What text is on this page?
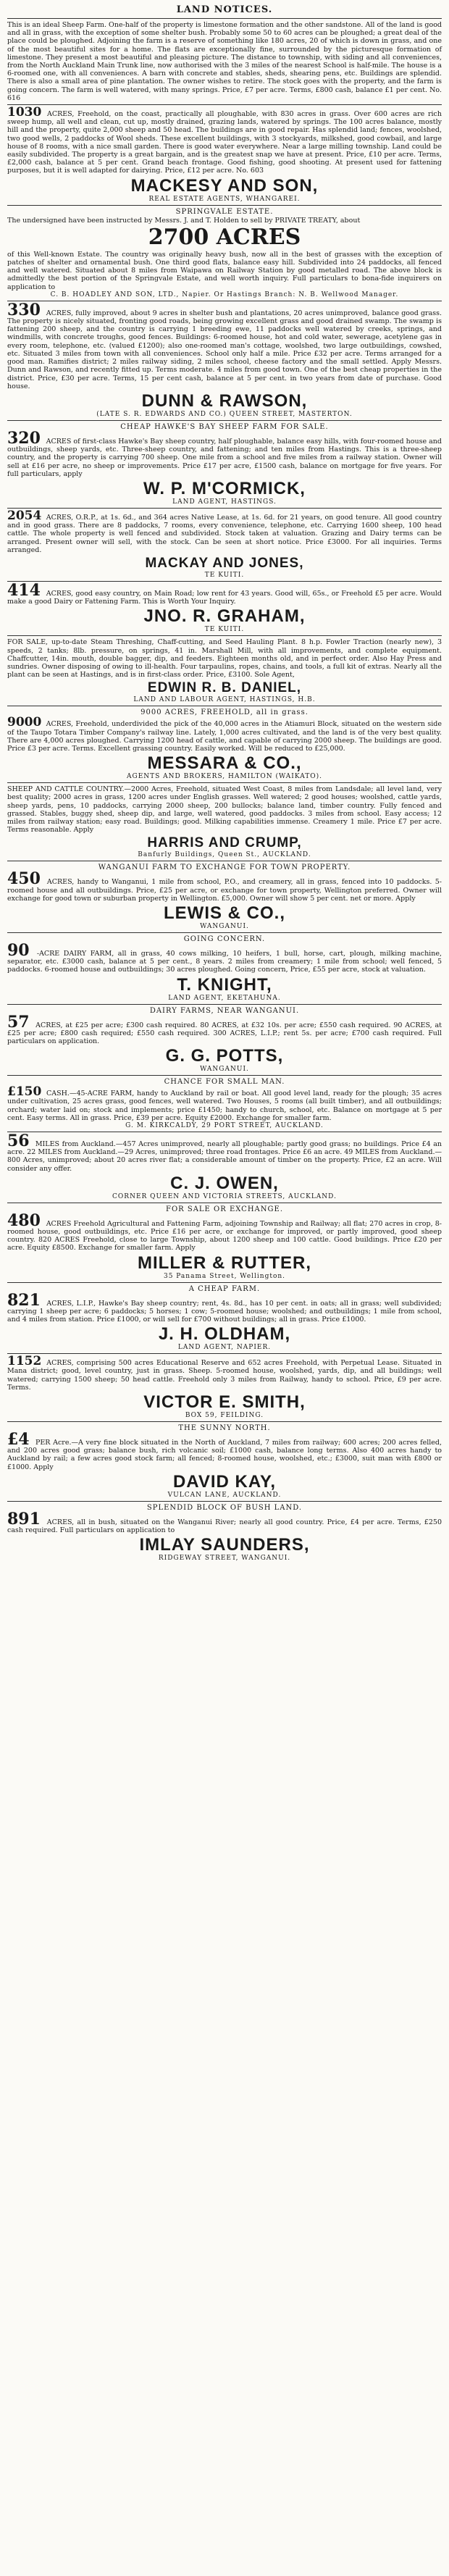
LAND NOTICES.

This is an ideal Sheep Farm. One-half of the property is limestone formation and the other sandstone. All of the land is good and all in grass, with the exception of some shelter bush. Probably some 50 to 60 acres can be ploughed; a great deal of the place could be ploughed. Adjoining the farm is a reserve of something like 180 acres, 20 of which is down in grass, and one of the most beautiful sites for a home. The flats are exceptionally fine, surrounded by the picturesque formation of limestone. They present a most beautiful and pleasing picture. The distance to township, with siding and all conveniences, from the North Auckland Main Trunk line, now authorised with the 3 miles of the nearest School is half-mile. The house is a 6-roomed one, with all conveniences. A barn with concrete and stables, sheds, shearing pens, etc. Buildings are splendid. There is also a small area of pine plantation. The owner wishes to retire. The stock goes with the property, and the farm is going concern. The farm is well watered, with many springs. Price, £7 per acre. Terms, £800 cash, balance £1 per cent. No. 616

1030 ACRES, Freehold, on the coast, practically all ploughable, with 830 acres in grass. Over 600 acres are rich sweep hump, all well and clean, cut up, mostly drained, grazing lands, watered by springs. The 100 acres balance, mostly hill and the property, quite 2,000 sheep and 50 head. The buildings are in good repair. Has splendid land; fences, woolshed, two good wells, 2 paddocks of Wool sheds. These excellent buildings, with 3 stockyards, milkshed, good cowbail, and large house of 8 rooms, with a nice small garden. There is good water everywhere. Near a large milling township. Land could be easily subdivided. The property is a great bargain, and is the greatest snap we have at present. Price, £10 per acre. Terms, £2,000 cash, balance at 5 per cent. Grand beach frontage. Good fishing, good shooting. At present used for fattening purposes, but it is well adapted for dairying. Price, £12 per acre. No. 603

MACKESY AND SON,
REAL ESTATE AGENTS, WHANGAREI.
SPRINGVALE ESTATE.

The undersigned have been instructed by Messrs. J. and T. Holden to sell by PRIVATE TREATY, about

2700 ACRES

of this Well-known Estate. The country was originally heavy bush, now all in the best of grasses with the exception of patches of shelter and ornamental bush. One third good flats, balance easy hill. Subdivided into 24 paddocks, all fenced and well watered. Situated about 8 miles from Waipawa on Railway Station by good metalled road. The above block is admittedly the best portion of the Springvale Estate, and well worth inquiry. Full particulars to bona-fide inquirers on application to

C. B. HOADLEY AND SON, LTD., Napier. Or Hastings Branch: N. B. Wellwood Manager.

330 ACRES, fully improved, about 9 acres in shelter bush and plantations, 20 acres unimproved, balance good grass. The property is nicely situated, fronting good roads, being growing excellent grass and good drained swamp. The swamp is fattening 200 sheep, and the country is carrying 1 breeding ewe, 11 paddocks well watered by creeks, springs, and windmills, with concrete troughs, good fences. Buildings: 6-roomed house, hot and cold water, sewerage, acetylene gas in every room, telephone, etc. (valued £1200); also one-roomed man's cottage, woolshed, two large outbuildings, cowshed, etc. Situated 3 miles from town with all conveniences. School only half a mile. Price £32 per acre. Terms arranged for a good man. Ramifies district; 2 miles railway siding, 2 miles school, cheese factory and the small settled. Apply Messrs. Dunn and Rawson, and recently fitted up. Terms moderate. 4 miles from good town. One of the best cheap properties in the district. Price, £30 per acre. Terms, 15 per cent cash, balance at 5 per cent. in two years from date of purchase. Good house.

DUNN & RAWSON,
(LATE S. R. EDWARDS AND CO.) QUEEN STREET, MASTERTON.
CHEAP HAWKE'S BAY SHEEP FARM FOR SALE.

320 ACRES of first-class Hawke's Bay sheep country, half ploughable, balance easy hills, with four-roomed house and outbuildings, sheep yards, etc. Three-sheep country, and fattening; and ten miles from Hastings. This is a three-sheep country, and the property is carrying 700 sheep. One mile from a school and five miles from a railway station. Owner will sell at £16 per acre, no sheep or improvements. Price £17 per acre, £1500 cash, balance on mortgage for five years. For full particulars, apply

W. P. M'CORMICK,
LAND AGENT, HASTINGS.

2054 ACRES, O.R.P., at 1s. 6d., and 364 acres Native Lease, at 1s. 6d. for 21 years, on good tenure. All good country and in good grass. There are 8 paddocks, 7 rooms, every convenience, telephone, etc. Carrying 1600 sheep, 100 head cattle. The whole property is well fenced and subdivided. Stock taken at valuation. Grazing and Dairy terms can be arranged. Present owner will sell, with the stock. Can be seen at short notice. Price £3000. For all inquiries. Terms arranged.

MACKAY AND JONES,
TE KUITI.

414 ACRES, good easy country, on Main Road; low rent for 43 years. Good will, 65s., or Freehold £5 per acre. Would make a good Dairy or Fattening Farm. This is Worth Your Inquiry.

JNO. R. GRAHAM,
TE KUITI.

FOR SALE, up-to-date Steam Threshing, Chaff-cutting, and Seed Hauling Plant. 8 h.p. Fowler Traction (nearly new), 3 speeds, 2 tanks; 8lb. pressure, on springs, 41 in. Marshall Mill, with all improvements, and complete equipment. Chaffcutter, 14in. mouth, double bagger, dip, and feeders. Eighteen months old, and in perfect order. Also Hay Press and sundries. Owner disposing of owing to ill-health. Four tarpaulins, ropes, chains, and tools, a full kit of extras. Nearly all the plant can be seen at Hastings, and is in first-class order. Price, £3100. Sole Agent,

EDWIN R. B. DANIEL,
LAND AND LABOUR AGENT, HASTINGS, H.B.
9000 ACRES, FREEHOLD, all in grass.

9000 ACRES, Freehold, underdivided the pick of the 40,000 acres in the Atiamuri Block, situated on the western side of the Taupo Totara Timber Company's railway line. Lately, 1,000 acres cultivated, and the land is of the very best quality. There are 4,000 acres ploughed. Carrying 1200 head of cattle, and capable of carrying 2000 sheep. The buildings are good. Price £3 per acre. Terms. Excellent grassing country. Easily worked. Will be reduced to £25,000.

MESSARA & CO.,
AGENTS AND BROKERS, HAMILTON (WAIKATO).

SHEEP AND CATTLE COUNTRY.—2000 Acres, Freehold, situated West Coast, 8 miles from Landsdale; all level land, very best quality; 2000 acres in grass, 1200 acres under English grasses. Well watered; 2 good houses; woolshed, cattle yards, sheep yards, pens, 10 paddocks, carrying 2000 sheep, 200 bullocks; balance land, timber country. Fully fenced and grassed. Stables, buggy shed, sheep dip, and large, well watered, good paddocks. 3 miles from school. Easy access; 12 miles from railway station; easy road. Buildings; good. Milking capabilities immense. Creamery 1 mile. Price £7 per acre. Terms reasonable. Apply

HARRIS AND CRUMP,
Banfurly Buildings, Queen St., AUCKLAND.
WANGANUI FARM TO EXCHANGE FOR TOWN PROPERTY.

450 ACRES, handy to Wanganui, 1 mile from school, P.O., and creamery, all in grass, fenced into 10 paddocks. 5-roomed house and all outbuildings. Price, £25 per acre, or exchange for town property, Wellington preferred. Owner will exchange for good town or suburban property in Wellington. £5,000. Owner will show 5 per cent. net or more. Apply

LEWIS & CO.,
WANGANUI.
GOING CONCERN.

90 -ACRE DAIRY FARM, all in grass, 40 cows milking, 10 heifers, 1 bull, horse, cart, plough, milking machine, separator, etc. £3000 cash, balance at 5 per cent., 8 years. 2 miles from creamery; 1 mile from school; well fenced, 5 paddocks. 6-roomed house and outbuildings; 30 acres ploughed. Going concern, Price, £55 per acre, stock at valuation.

T. KNIGHT,
LAND AGENT, EKETAHUNA.
DAIRY FARMS, NEAR WANGANUI.

57 ACRES, at £25 per acre; £300 cash required. 80 ACRES, at £32 10s. per acre; £550 cash required. 90 ACRES, at £25 per acre; £800 cash required; £550 cash required. 300 ACRES, L.I.P.; rent 5s. per acre; £700 cash required. Full particulars on application.

G. G. POTTS,
WANGANUI.
CHANCE FOR SMALL MAN.

£150 CASH.—45-ACRE FARM, handy to Auckland by rail or boat. All good level land, ready for the plough; 35 acres under cultivation, 25 acres grass, good fences, well watered. Two Houses, 5 rooms (all built timber), and all outbuildings; orchard; water laid on; stock and implements; price £1450; handy to church, school, etc. Balance on mortgage at 5 per cent. Easy terms. All in grass. Price, £39 per acre. Equity £2000. Exchange for smaller farm.

G. M. KIRKCALDY, 29 PORT STREET, AUCKLAND.

56 MILES from Auckland.—457 Acres unimproved, nearly all ploughable; partly good grass; no buildings. Price £4 an acre. 22 MILES from Auckland.—29 Acres, unimproved; three road frontages. Price £6 an acre. 49 MILES from Auckland.—800 Acres, unimproved; about 20 acres river flat; a considerable amount of timber on the property. Price, £2 an acre. Will consider any offer.

C. J. OWEN,
CORNER QUEEN AND VICTORIA STREETS, AUCKLAND.
FOR SALE OR EXCHANGE.

480 ACRES Freehold Agricultural and Fattening Farm, adjoining Township and Railway; all flat; 270 acres in crop, 8-roomed house, good outbuildings, etc. Price £16 per acre, or exchange for improved, or partly improved, good sheep country. 820 ACRES Freehold, close to large Township, about 1200 sheep and 100 cattle. Good buildings. Price £20 per acre. Equity £8500. Exchange for smaller farm. Apply

MILLER & RUTTER,
35 Panama Street, Wellington.
A CHEAP FARM.

821 ACRES, L.I.P., Hawke's Bay sheep country; rent, 4s. 8d., has 10 per cent. in oats; all in grass; well subdivided; carrying 1 sheep per acre; 6 paddocks; 5 horses; 1 cow; 5-roomed house; woolshed; and outbuildings; 1 mile from school, and 4 miles from station. Price £1000, or will sell for £700 without buildings; all in grass. Price £1000.

J. H. OLDHAM,
LAND AGENT, NAPIER.

1152 ACRES, comprising 500 acres Educational Reserve and 652 acres Freehold, with Perpetual Lease. Situated in Mana district; good, level country, just in grass. Sheep. 5-roomed house, woolshed, yards, dip, and all buildings; well watered; carrying 1500 sheep; 50 head cattle. Freehold only 3 miles from Railway, handy to school. Price, £9 per acre. Terms.

VICTOR E. SMITH,
BOX 59, FEILDING.
THE SUNNY NORTH.

£4 PER Acre.—A very fine block situated in the North of Auckland, 7 miles from railway; 600 acres; 200 acres felled, and 200 acres good grass; balance bush, rich volcanic soil; £1000 cash, balance long terms. Also 400 acres handy to Auckland by rail; a few acres good stock farm; all fenced; 8-roomed house, woolshed, etc.; £3000, suit man with £800 or £1000. Apply

DAVID KAY,
VULCAN LANE, AUCKLAND.
SPLENDID BLOCK OF BUSH LAND.

891 ACRES, all in bush, situated on the Wanganui River; nearly all good country. Price, £4 per acre. Terms, £250 cash required. Full particulars on application to

IMLAY SAUNDERS,
RIDGEWAY STREET, WANGANUI.
